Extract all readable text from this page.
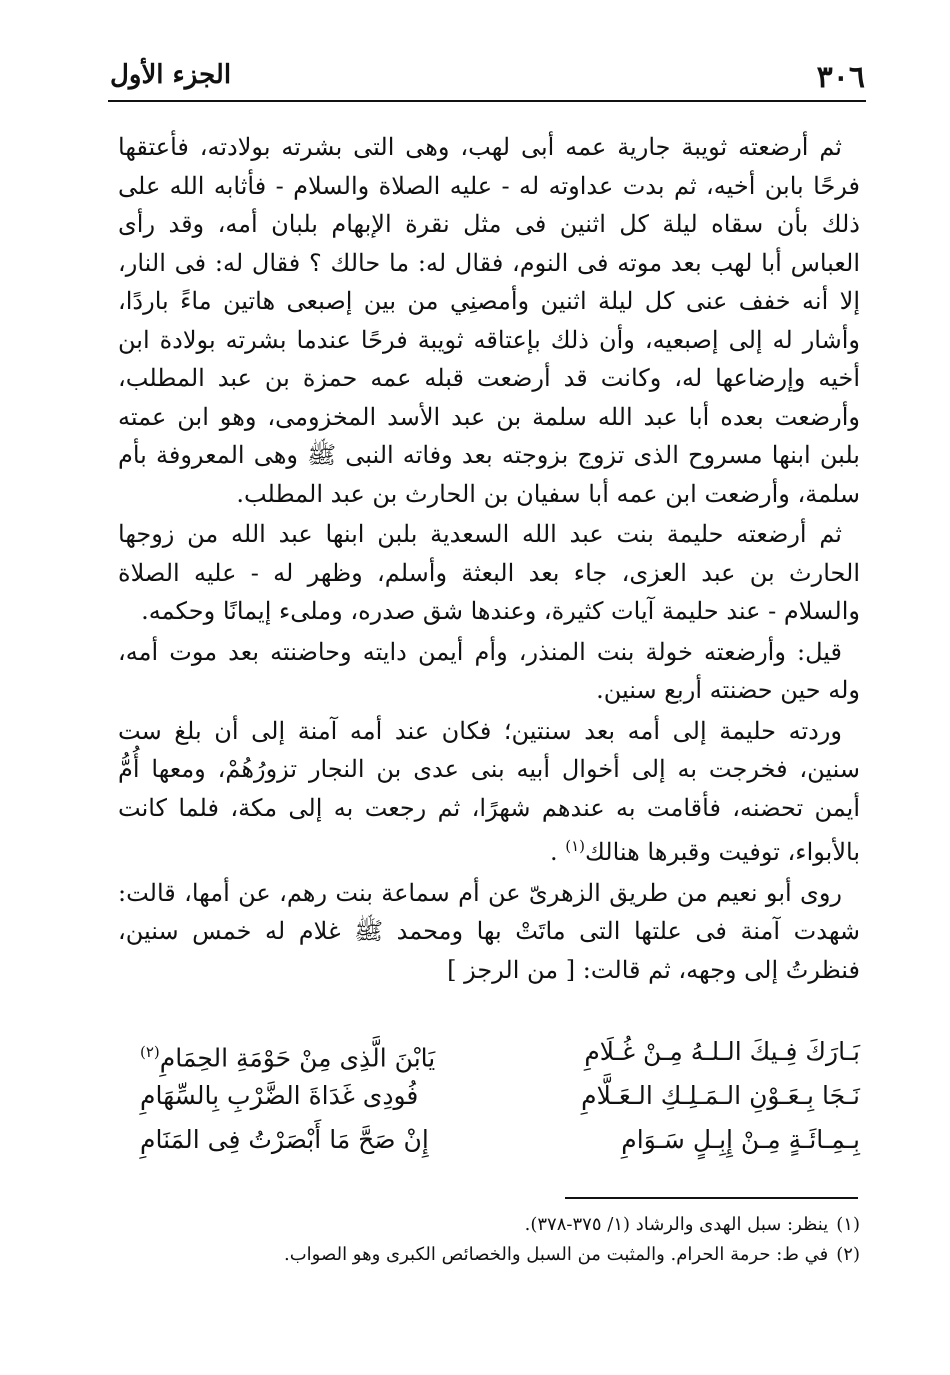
٣٠٦
الجزء الأول

ثم أرضعته ثويبة جارية عمه أبى لهب، وهى التى بشرته بولادته، فأعتقها فرحًا بابن أخيه، ثم بدت عداوته له - عليه الصلاة والسلام - فأثابه الله على ذلك بأن سقاه ليلة كل اثنين فى مثل نقرة الإبهام بلبان أمه، وقد رأى العباس أبا لهب بعد موته فى النوم، فقال له: ما حالك ؟ فقال له: فى النار، إلا أنه خفف عنى كل ليلة اثنين وأمصنِي من بين إصبعى هاتين ماءً باردًا، وأشار له إلى إصبعيه، وأن ذلك بإعتاقه ثويبة فرحًا عندما بشرته بولادة ابن أخيه وإرضاعها له، وكانت قد أرضعت قبله عمه حمزة بن عبد المطلب، وأرضعت بعده أبا عبد الله سلمة بن عبد الأسد المخزومى، وهو ابن عمته بلبن ابنها مسروح الذى تزوج بزوجته بعد وفاته النبى ﷺ وهى المعروفة بأم سلمة، وأرضعت ابن عمه أبا سفيان بن الحارث بن عبد المطلب.

ثم أرضعته حليمة بنت عبد الله السعدية بلبن ابنها عبد الله من زوجها الحارث بن عبد العزى، جاء بعد البعثة وأسلم، وظهر له - عليه الصلاة والسلام - عند حليمة آيات كثيرة، وعندها شق صدره، وملىء إيمانًا وحكمه.

قيل: وأرضعته خولة بنت المنذر، وأم أيمن دايته وحاضنته بعد موت أمه، وله حين حضنته أربع سنين.

وردته حليمة إلى أمه بعد سنتين؛ فكان عند أمه آمنة إلى أن بلغ ست سنين، فخرجت به إلى أخوال أبيه بنى عدى بن النجار تزورُهُمْ، ومعها أُمُّ أيمن تحضنه، فأقامت به عندهم شهرًا، ثم رجعت به إلى مكة، فلما كانت بالأبواء، توفيت وقبرها هنالك$^{(١)}$ .

روى أبو نعيم من طريق الزهرىّ عن أم سماعة بنت رهم، عن أمها، قالت: شهدت آمنة فى علتها التى ماتَتْ بها ومحمد ﷺ غلام له خمس سنين، فنظرتُ إلى وجهه، ثم قالت: [ من الرجز ]

بَـارَكَ فِـيكَ الـلـهُ مِـنْ غُـلَامِ
يَابْنَ الَّذِى مِنْ حَوْمَةِ الحِمَامِ$^{(٢)}$
نَـجَا بِـعَـوْنِ الـمَـلِـكِ الـعَـلَّامِ
فُودِى غَدَاةَ الضَّرْبِ بِالسِّهَامِ
بِـمِـائَـةٍ مِـنْ إِبِـلٍ سَـوَامِ
إِنْ صَحَّ مَا أَبْصَرْتُ فِى المَنَامِ

(١)ينظر: سبل الهدى والرشاد (١/ ٣٧٥-٣٧٨).

(٢)في ط: حرمة الحرام. والمثبت من السبل والخصائص الكبرى وهو الصواب.
